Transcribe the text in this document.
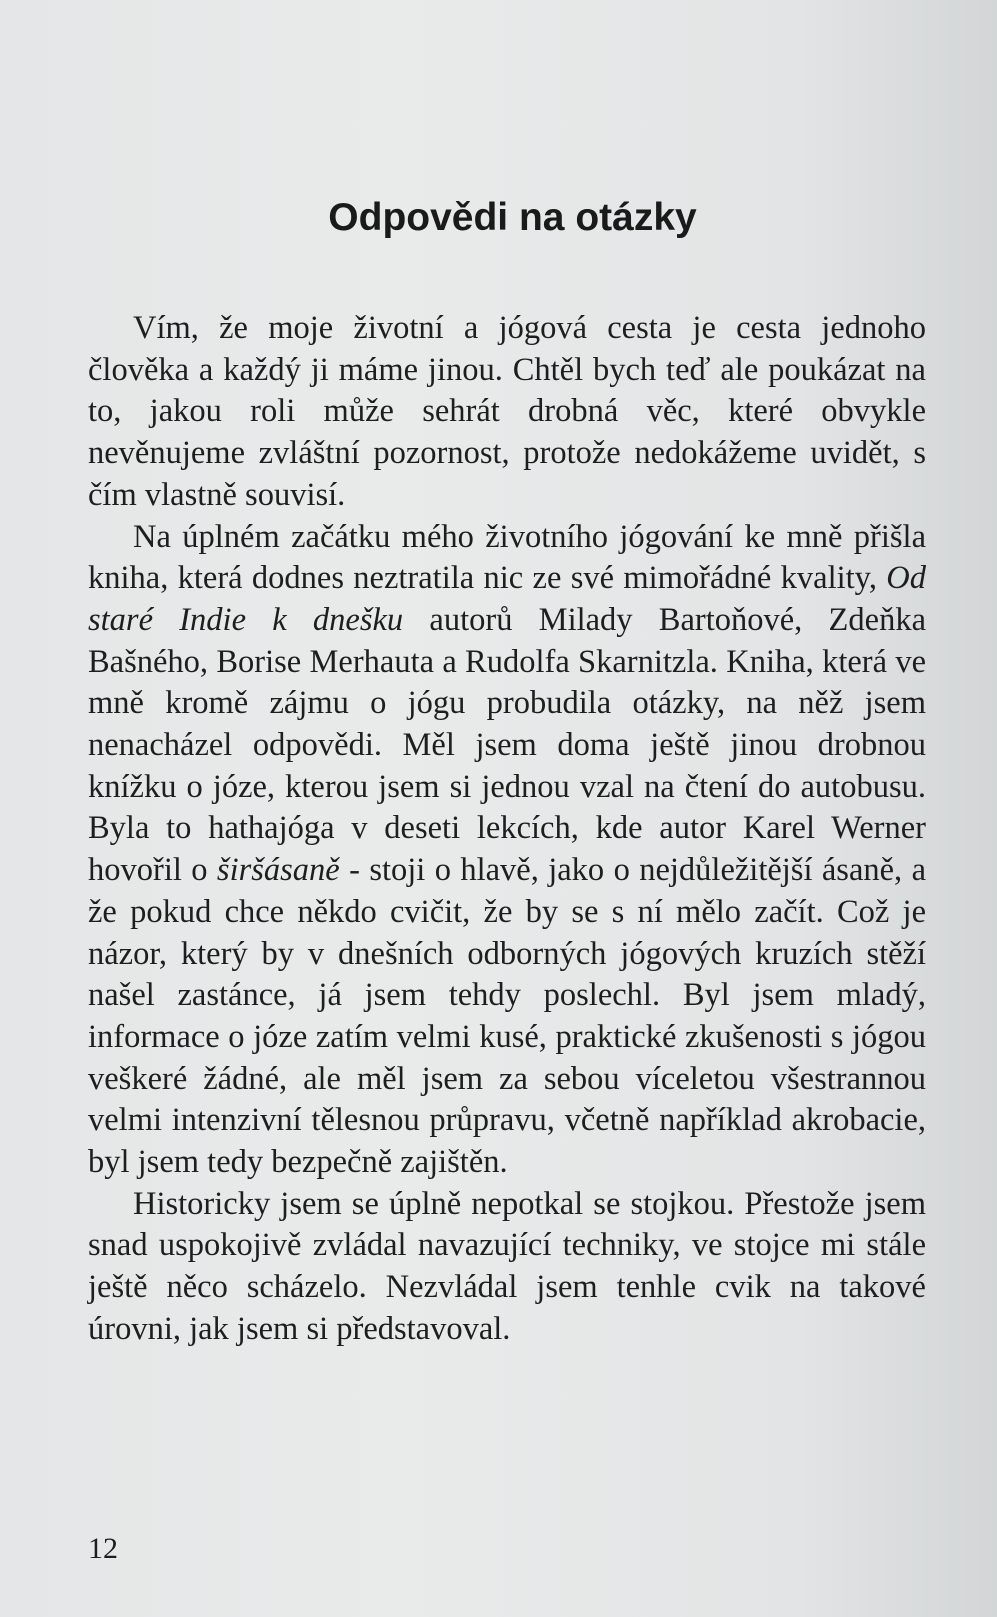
Odpovědi na otázky

Vím, že moje životní a jógová cesta je cesta jednoho člověka a každý ji máme jinou. Chtěl bych teď ale poukázat na to, jakou roli může sehrát drobná věc, které obvykle nevěnujeme zvláštní pozornost, protože nedokážeme uvidět, s čím vlastně souvisí.

Na úplném začátku mého životního jógování ke mně přišla kniha, která dodnes neztratila nic ze své mimořádné kvality, Od staré Indie k dnešku autorů Milady Bartoňové, Zdeňka Bašného, Borise Merhauta a Rudolfa Skarnitzla. Kniha, která ve mně kromě zájmu o jógu probudila otázky, na něž jsem nenacházel odpovědi. Měl jsem doma ještě jinou drobnou knížku o józe, kterou jsem si jednou vzal na čtení do autobusu. Byla to hathajóga v deseti lekcích, kde autor Karel Werner hovořil o širšásaně - stoji o hlavě, jako o nejdůležitější ásaně, a že pokud chce někdo cvičit, že by se s ní mělo začít. Což je názor, který by v dnešních odborných jógových kruzích stěží našel zastánce, já jsem tehdy poslechl. Byl jsem mladý, informace o józe zatím velmi kusé, praktické zkušenosti s jógou veškeré žádné, ale měl jsem za sebou víceletou všestrannou velmi intenzivní tělesnou průpravu, včetně například akrobacie, byl jsem tedy bezpečně zajištěn.

Historicky jsem se úplně nepotkal se stojkou. Přestože jsem snad uspokojivě zvládal navazující techniky, ve stojce mi stále ještě něco scházelo. Nezvládal jsem tenhle cvik na takové úrovni, jak jsem si představoval.

12
